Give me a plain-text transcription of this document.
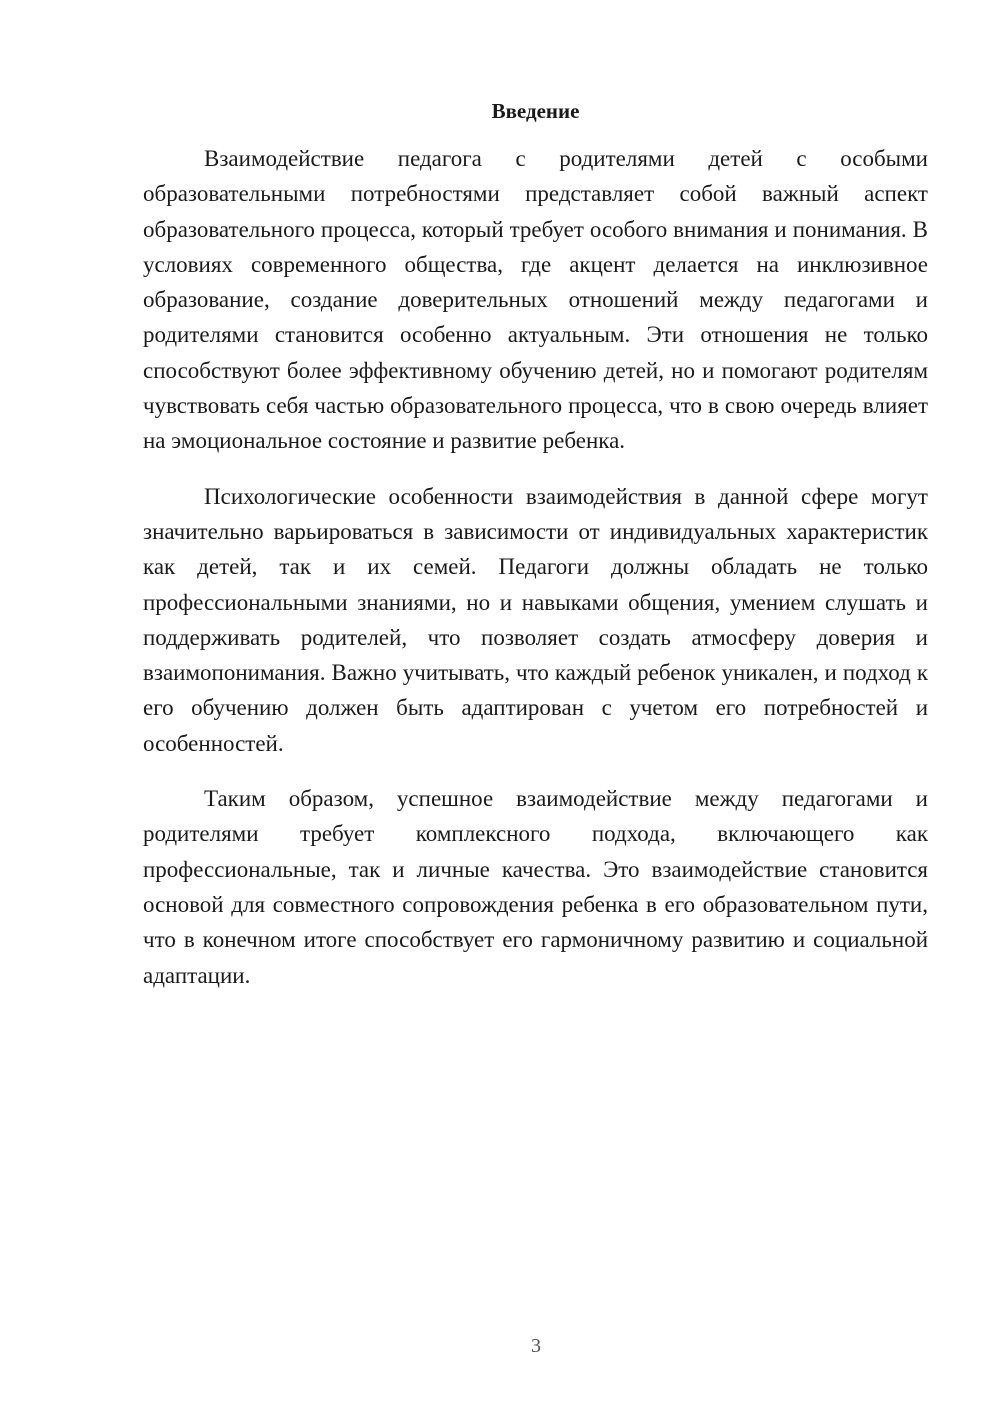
Введение

Взаимодействие педагога с родителями детей с особыми образовательными потребностями представляет собой важный аспект образовательного процесса, который требует особого внимания и понимания. В условиях современного общества, где акцент делается на инклюзивное образование, создание доверительных отношений между педагогами и родителями становится особенно актуальным. Эти отношения не только способствуют более эффективному обучению детей, но и помогают родителям чувствовать себя частью образовательного процесса, что в свою очередь влияет на эмоциональное состояние и развитие ребенка.

Психологические особенности взаимодействия в данной сфере могут значительно варьироваться в зависимости от индивидуальных характеристик как детей, так и их семей. Педагоги должны обладать не только профессиональными знаниями, но и навыками общения, умением слушать и поддерживать родителей, что позволяет создать атмосферу доверия и взаимопонимания. Важно учитывать, что каждый ребенок уникален, и подход к его обучению должен быть адаптирован с учетом его потребностей и особенностей.

Таким образом, успешное взаимодействие между педагогами и родителями требует комплексного подхода, включающего как профессиональные, так и личные качества. Это взаимодействие становится основой для совместного сопровождения ребенка в его образовательном пути, что в конечном итоге способствует его гармоничному развитию и социальной адаптации.

3
